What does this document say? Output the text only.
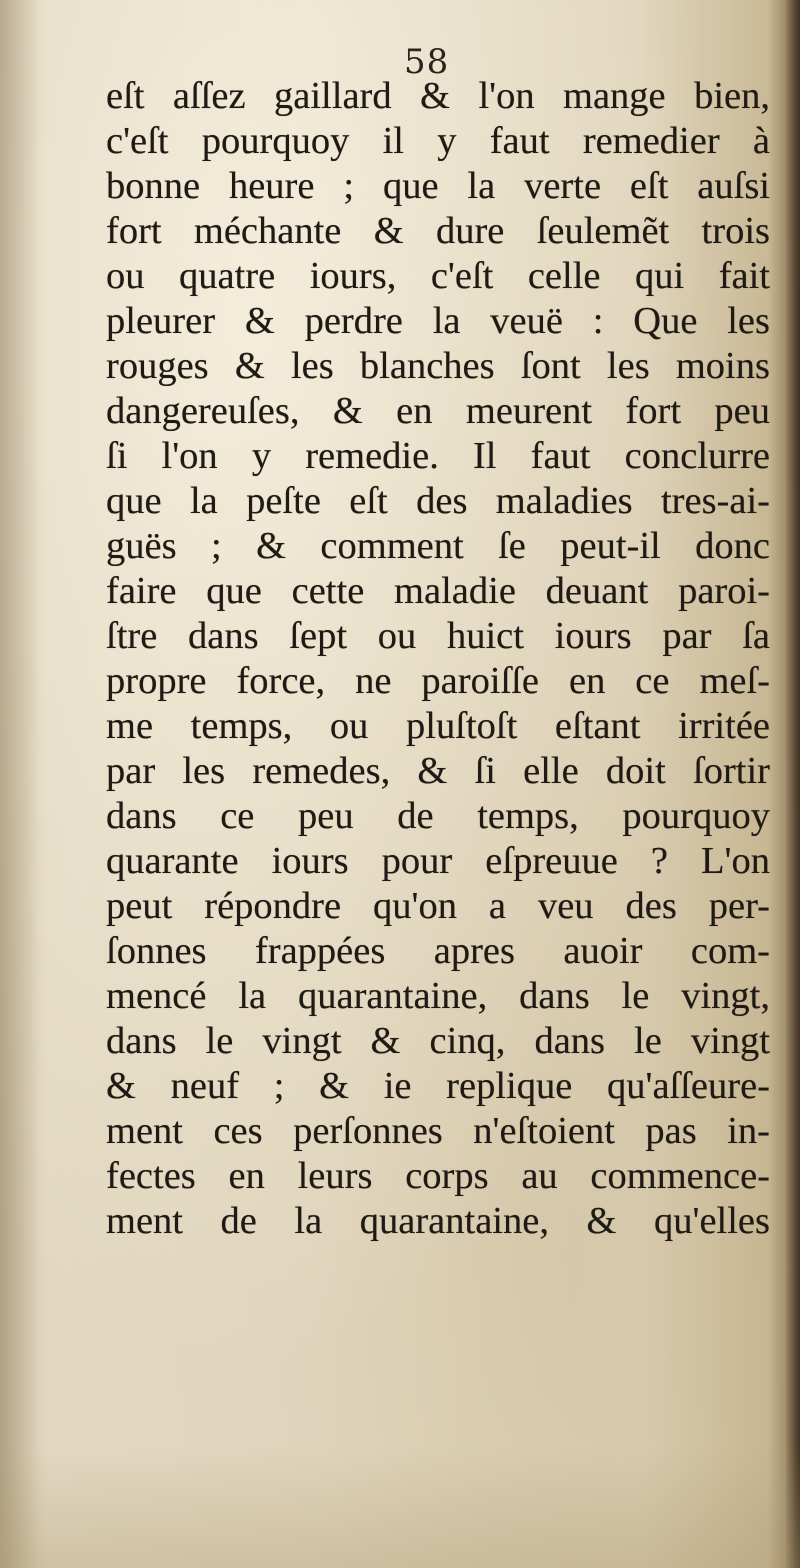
58
eſt aſſez gaillard & l'on mange bien,
c'eſt pourquoy il y faut remedier à
bonne heure ; que la verte eſt auſsi
fort méchante & dure ſeulemẽt trois
ou quatre iours, c'eſt celle qui fait
pleurer & perdre la veuë : Que les
rouges & les blanches ſont les moins
dangereuſes, & en meurent fort peu
ſi l'on y remedie. Il faut conclurre
que la peſte eſt des maladies tres-ai-
guës ; & comment ſe peut-il donc
faire que cette maladie deuant paroi-
ſtre dans ſept ou huict iours par ſa
propre force, ne paroiſſe en ce meſ-
me temps, ou pluſtoſt eſtant irritée
par les remedes, & ſi elle doit ſortir
dans ce peu de temps, pourquoy
quarante iours pour eſpreuue ? L'on
peut répondre qu'on a veu des per-
ſonnes frappées apres auoir com-
mencé la quarantaine, dans le vingt,
dans le vingt & cinq, dans le vingt
& neuf ; & ie replique qu'aſſeure-
ment ces perſonnes n'eſtoient pas in-
fectes en leurs corps au commence-
ment de la quarantaine, & qu'elles
